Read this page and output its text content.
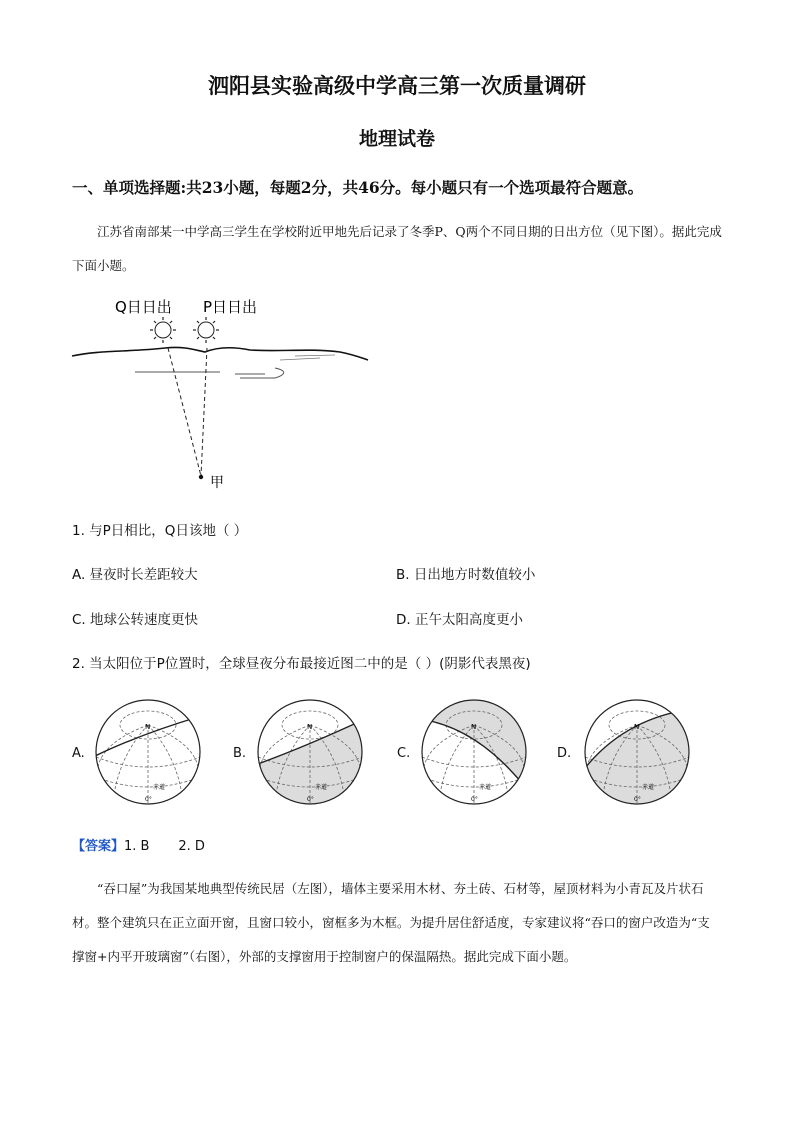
泗阳县实验高级中学高三第一次质量调研
地理试卷
一、单项选择题:共23小题，每题2分，共46分。每小题只有一个选项最符合题意。

江苏省南部某一中学高三学生在学校附近甲地先后记录了冬季P、Q两个不同日期的日出方位（见下图）。据此完成下面小题。

Q日日出 P日日出
甲
1. 与P日相比，Q日该地（ ）
A. 昼夜时长差距较大	B. 日出地方时数值较小
C. 地球公转速度更快	D. 正午太阳高度更小
2. 当太阳位于P位置时，全球昼夜分布最接近图二中的是（ ）(阴影代表黑夜)
A.	B.	C.	D.
N
赤道
0°
N
赤道
0°
N
赤道
0°
N
赤道
0°
【答案】1. B       2. D

“吞口屋”为我国某地典型传统民居（左图），墙体主要采用木材、夯土砖、石材等，屋顶材料为小青瓦及片状石材。整个建筑只在正立面开窗，且窗口较小，窗框多为木框。为提升居住舒适度，专家建议将“吞口的窗户改造为“支撑窗+内平开玻璃窗”（右图），外部的支撑窗用于控制窗户的保温隔热。据此完成下面小题。
